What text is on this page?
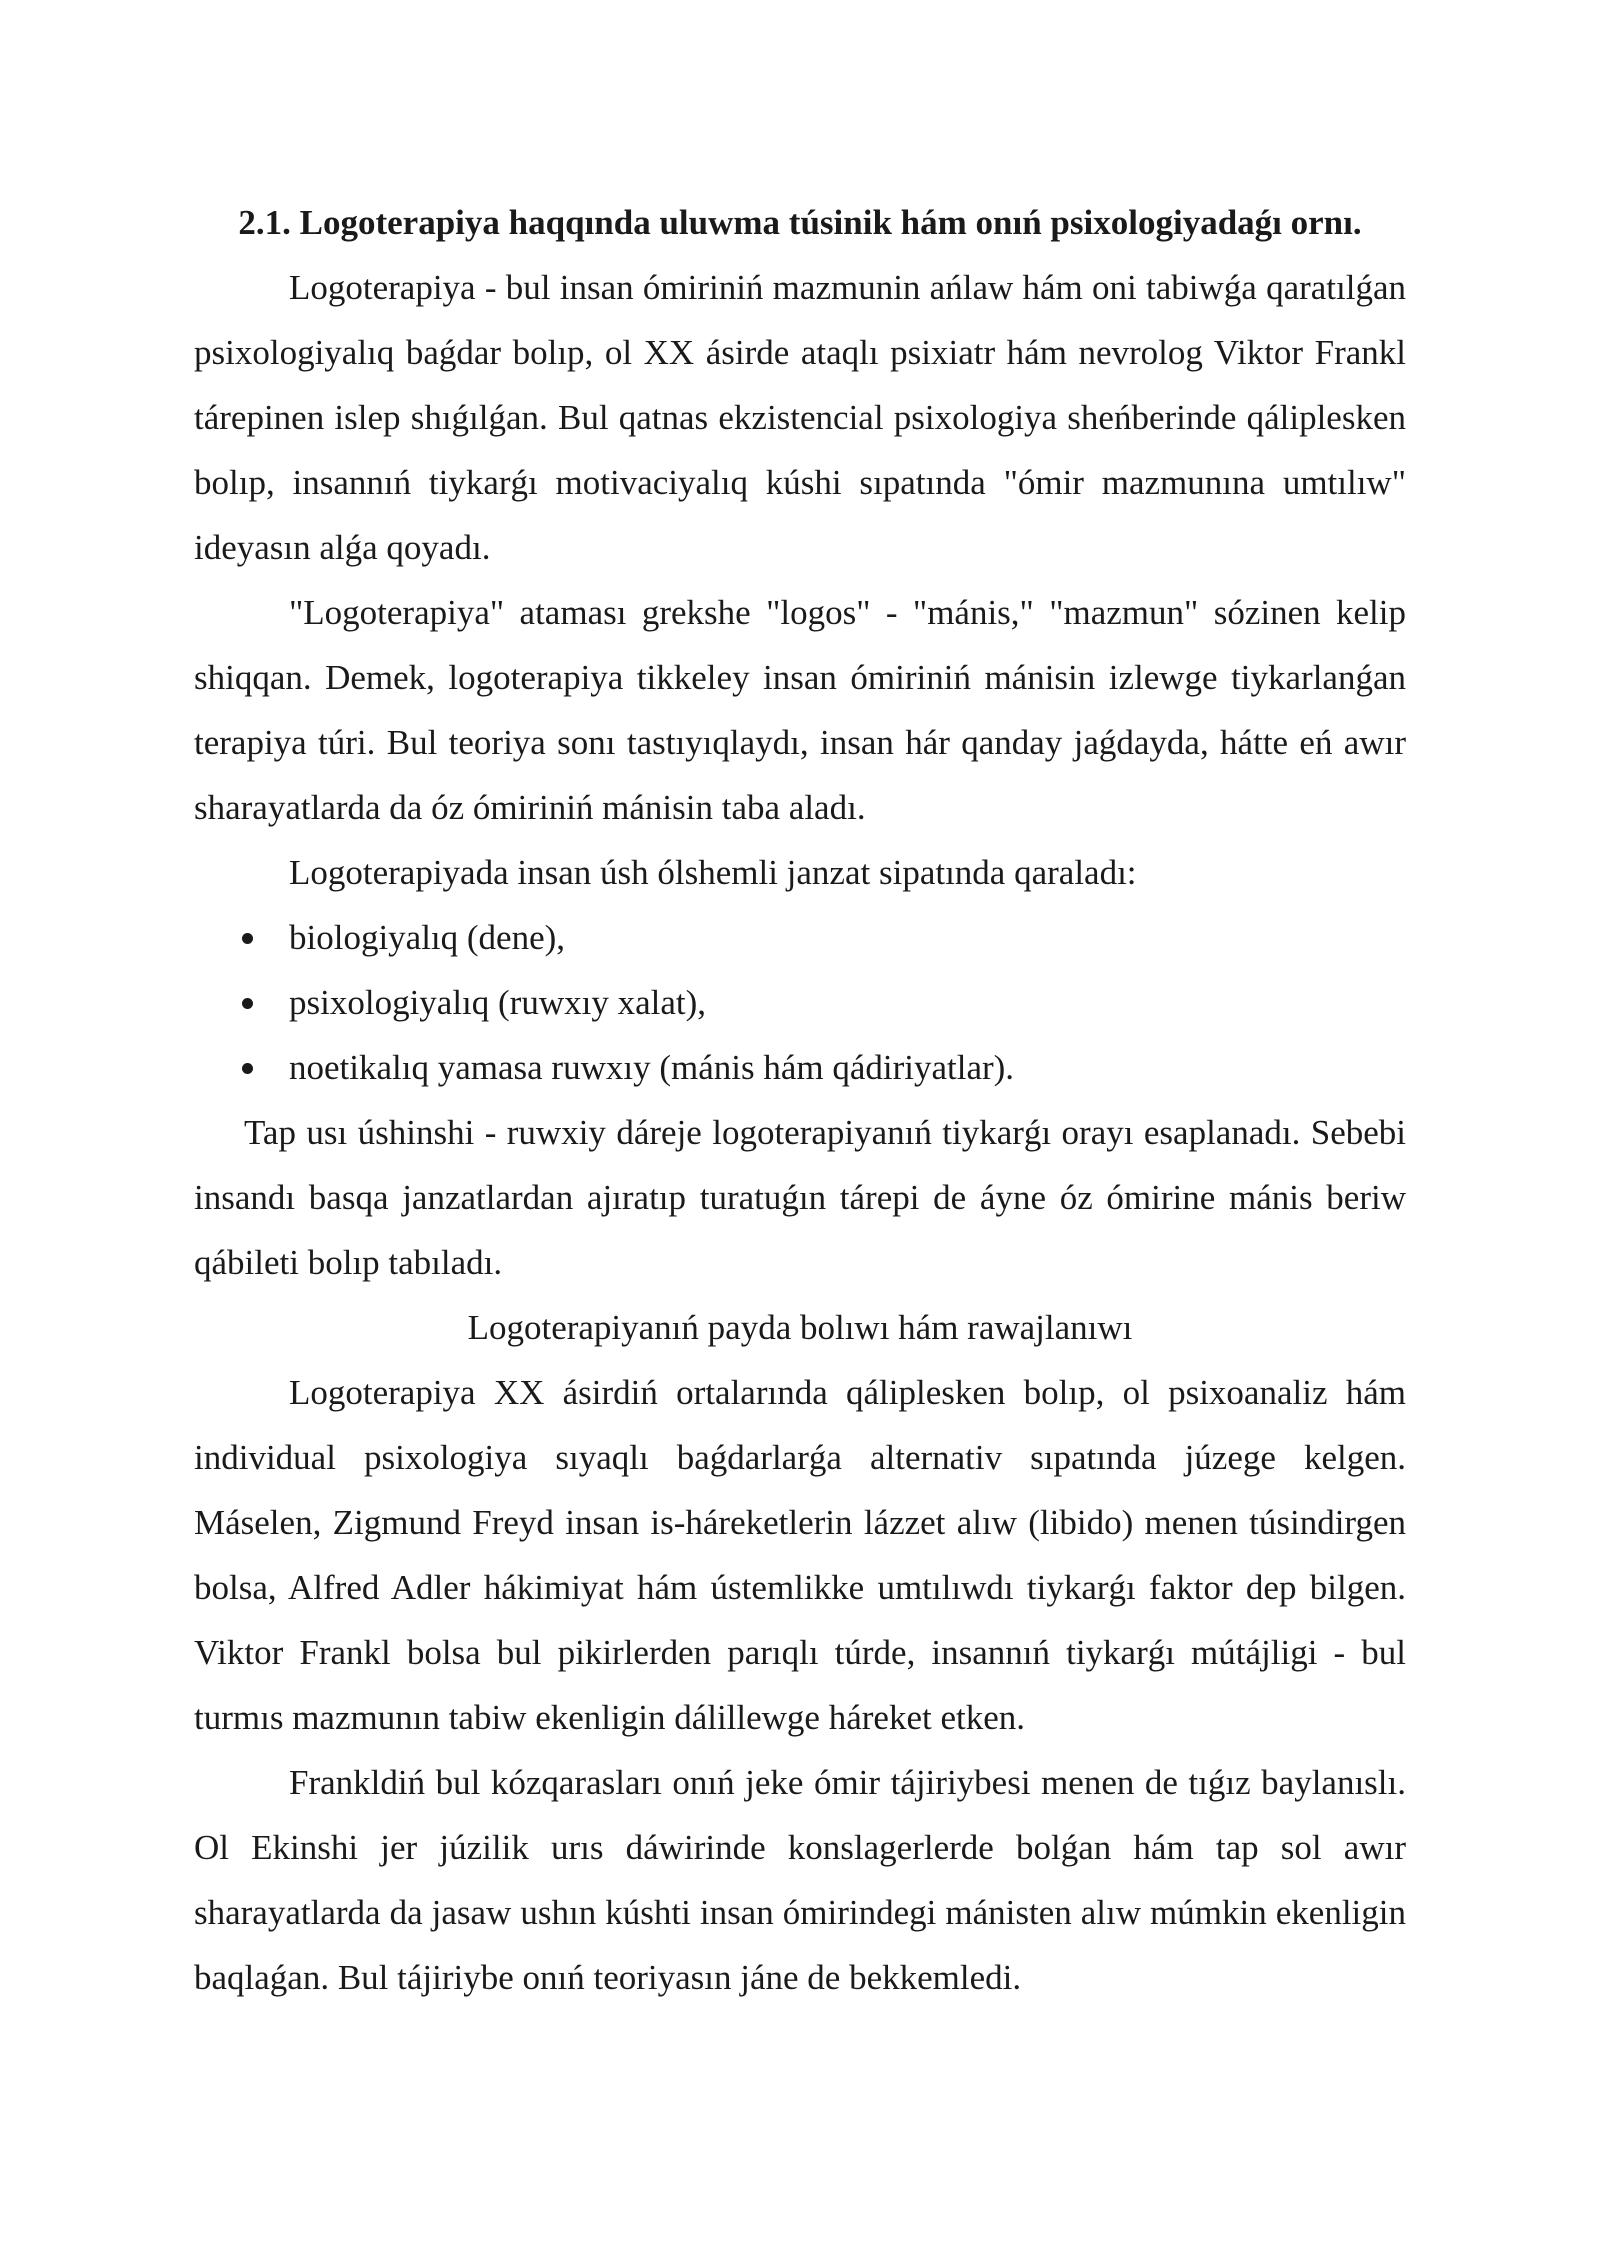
2.1. Logoterapiya haqqında uluwma túsinik hám onıń psixologiyadaǵı ornı.

Logoterapiya - bul insan ómiriniń mazmunin ańlaw hám oni tabiwǵa qaratılǵan psixologiyalıq baǵdar bolıp, ol XX ásirde ataqlı psixiatr hám nevrolog Viktor Frankl tárepinen islep shıǵılǵan. Bul qatnas ekzistencial psixologiya sheńberinde qáliplesken bolıp, insannıń tiykarǵı motivaciyalıq kúshi sıpatında "ómir mazmunına umtılıw" ideyasın alǵa qoyadı.

"Logoterapiya" ataması grekshe "logos" - "mánis," "mazmun" sózinen kelip shiqqan. Demek, logoterapiya tikkeley insan ómiriniń mánisin izlewge tiykarlanǵan terapiya túri. Bul teoriya sonı tastıyıqlaydı, insan hár qanday jaǵdayda, hátte eń awır sharayatlarda da óz ómiriniń mánisin taba aladı.

Logoterapiyada insan úsh ólshemli janzat sipatında qaraladı:

biologiyalıq (dene),
psixologiyalıq (ruwxıy xalat),
noetikalıq yamasa ruwxıy (mánis hám qádiriyatlar).

Tap usı úshinshi - ruwxiy dáreje logoterapiyanıń tiykarǵı orayı esaplanadı. Sebebi insandı basqa janzatlardan ajıratıp turatuǵın tárepi de áyne óz ómirine mánis beriw qábileti bolıp tabıladı.

Logoterapiyanıń payda bolıwı hám rawajlanıwı

Logoterapiya XX ásirdiń ortalarında qáliplesken bolıp, ol psixoanaliz hám individual psixologiya sıyaqlı baǵdarlarǵa alternativ sıpatında júzege kelgen. Máselen, Zigmund Freyd insan is-háreketlerin lázzet alıw (libido) menen túsindirgen bolsa, Alfred Adler hákimiyat hám ústemlikke umtılıwdı tiykarǵı faktor dep bilgen. Viktor Frankl bolsa bul pikirlerden parıqlı túrde, insannıń tiykarǵı mútájligi - bul turmıs mazmunın tabiw ekenligin dálillewge háreket etken.

Frankldiń bul kózqarasları onıń jeke ómir tájiriybesi menen de tıǵız baylanıslı. Ol Ekinshi jer júzilik urıs dáwirinde konslagerlerde bolǵan hám tap sol awır sharayatlarda da jasaw ushın kúshti insan ómirindegi mánisten alıw múmkin ekenligin baqlaǵan. Bul tájiriybe onıń teoriyasın jáne de bekkemledi.
